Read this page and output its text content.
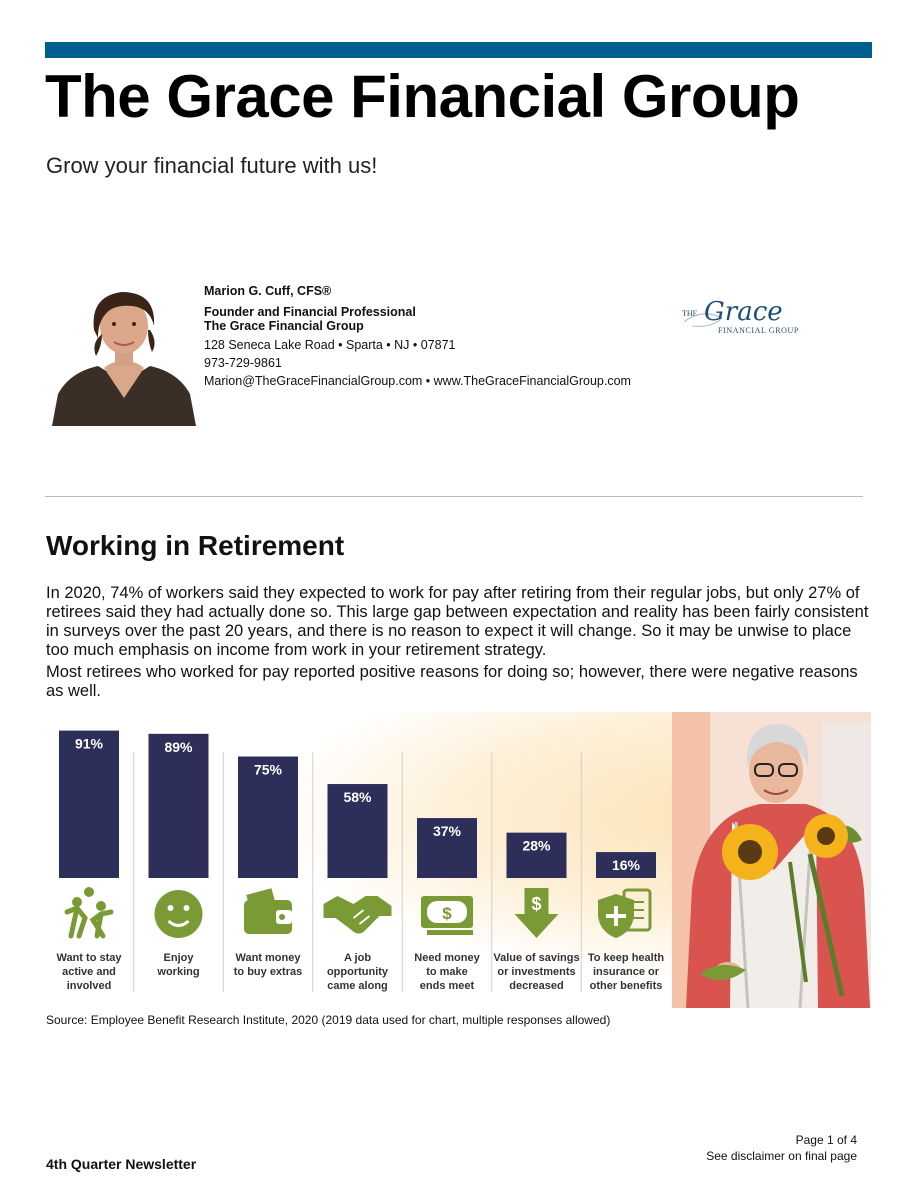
The Grace Financial Group
Grow your financial future with us!
Marion G. Cuff, CFS®
Founder and Financial Professional
The Grace Financial Group
128 Seneca Lake Road • Sparta • NJ • 07871
973-729-9861
Marion@TheGraceFinancialGroup.com • www.TheGraceFinancialGroup.com
THE Grace
FINANCIAL GROUP
Working in Retirement

In 2020, 74% of workers said they expected to work for pay after retiring from their regular jobs, but only 27% of retirees said they had actually done so. This large gap between expectation and reality has been fairly consistent in surveys over the past 20 years, and there is no reason to expect it will change. So it may be unwise to place too much emphasis on income from work in your retirement strategy.

Most retirees who worked for pay reported positive reasons for doing so; however, there were negative reasons as well.

91%
Want to stay active and involved
89%
Enjoy working
75%
Want money to buy extras
58%
A job opportunity came along
37%
$
Need money to make ends meet
28%
$
Value of savings or investments decreased
16%
To keep health insurance or other benefits
Source: Employee Benefit Research Institute, 2020 (2019 data used for chart, multiple responses allowed)
Page 1 of 4
See disclaimer on final page
4th Quarter Newsletter
